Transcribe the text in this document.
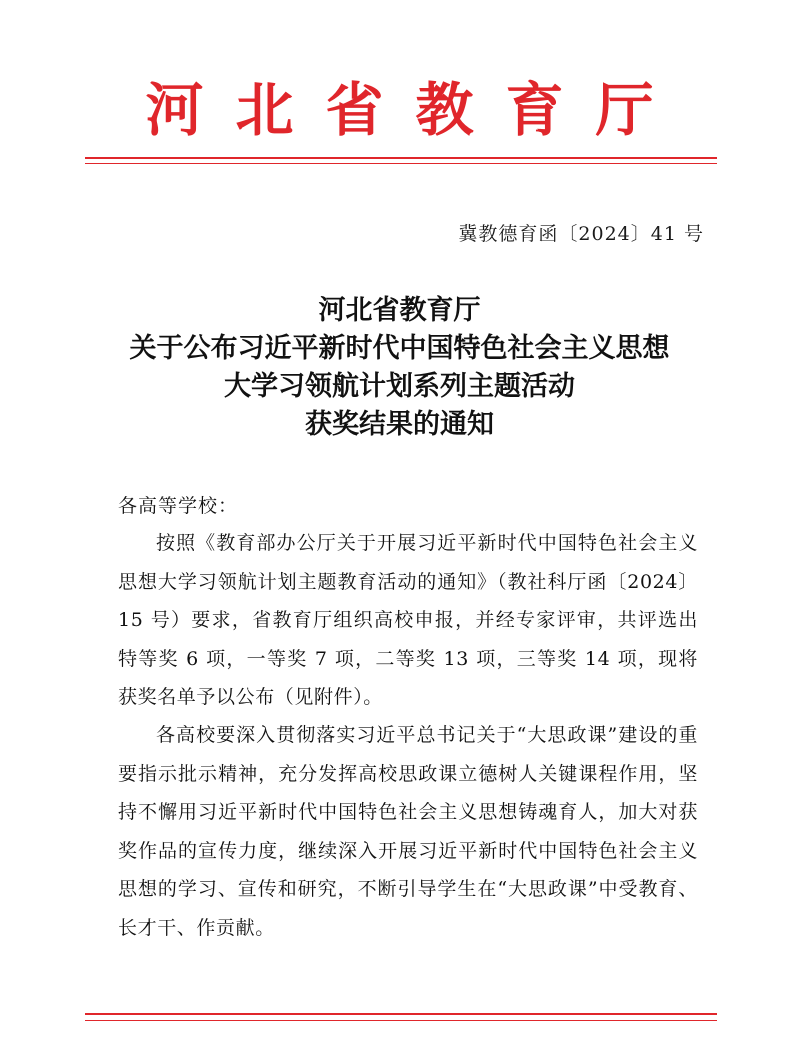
河北省教育厅
冀教德育函〔2024〕41 号
河北省教育厅
关于公布习近平新时代中国特色社会主义思想
大学习领航计划系列主题活动
获奖结果的通知
各高等学校：

按照《教育部办公厅关于开展习近平新时代中国特色社会主义思想大学习领航计划主题教育活动的通知》（教社科厅函〔2024〕15 号）要求，省教育厅组织高校申报，并经专家评审，共评选出特等奖 6 项，一等奖 7 项，二等奖 13 项，三等奖 14 项，现将获奖名单予以公布（见附件）。

各高校要深入贯彻落实习近平总书记关于“大思政课”建设的重要指示批示精神，充分发挥高校思政课立德树人关键课程作用，坚持不懈用习近平新时代中国特色社会主义思想铸魂育人，加大对获奖作品的宣传力度，继续深入开展习近平新时代中国特色社会主义思想的学习、宣传和研究，不断引导学生在“大思政课”中受教育、长才干、作贡献。
